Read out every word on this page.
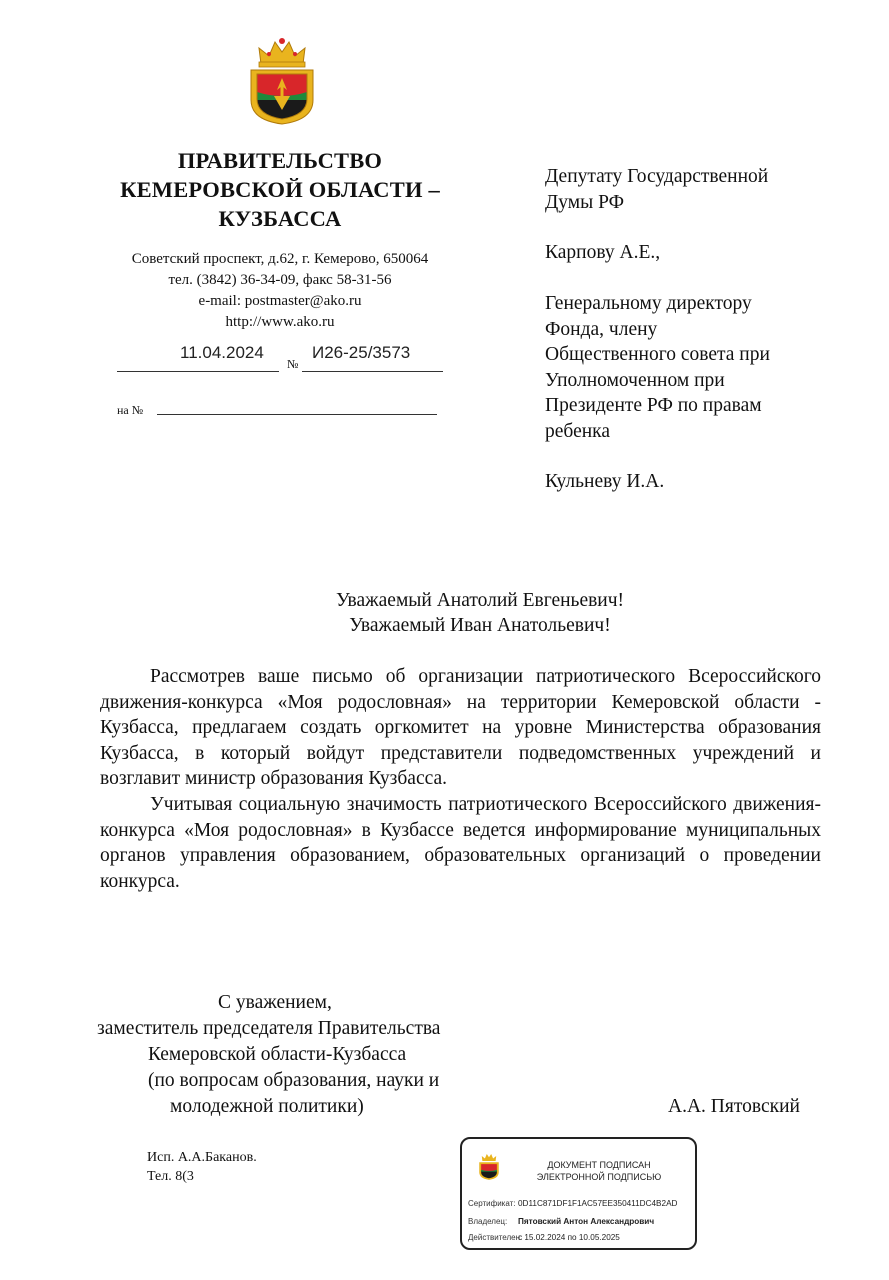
ПРАВИТЕЛЬСТВО
КЕМЕРОВСКОЙ ОБЛАСТИ –
КУЗБАССА
Советский проспект, д.62, г. Кемерово, 650064
тел. (3842) 36-34-09, факс 58-31-56
e-mail: postmaster@ako.ru
http://www.ako.ru
11.04.2024
№
И26-25/3573
на №
Депутату Государственной
Думы РФ
Карпову А.Е.,
Генеральному директору
Фонда, члену
Общественного совета при
Уполномоченном при
Президенте РФ по правам
ребенка
Кульневу И.А.
Уважаемый Анатолий Евгеньевич!
Уважаемый Иван Анатольевич!
Рассмотрев ваше письмо об организации патриотического Всероссийского движения-конкурса «Моя родословная» на территории Кемеровской области - Кузбасса, предлагаем создать оргкомитет на уровне Министерства образования Кузбасса, в который войдут представители подведомственных учреждений и возглавит министр образования Кузбасса.
Учитывая социальную значимость патриотического Всероссийского движения-конкурса «Моя родословная» в Кузбассе ведется информирование муниципальных органов управления образованием, образовательных организаций о проведении конкурса.
С уважением,
заместитель председателя Правительства
Кемеровской области-Кузбасса
(по вопросам образования, науки и
молодежной политики)	А.А. Пятовский
Исп. А.А.Баканов.
Тел. 8(3
ДОКУМЕНТ ПОДПИСАН
ЭЛЕКТРОННОЙ ПОДПИСЬЮ
Сертификат: 0D11C871DF1F1AC57EE350411DC4B2AD
Владелец: Пятовский Антон Александрович
Действителен:с 15.02.2024 по 10.05.2025
